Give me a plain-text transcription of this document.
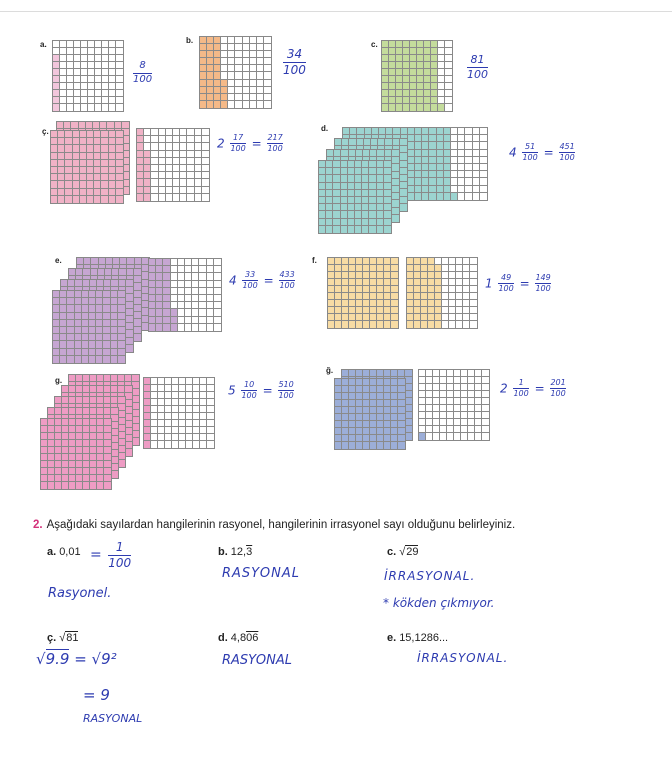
a.	b.	c.
ç.	d.
e.	f.
g.
ğ.
8
100
34
100
81
100
$2 \frac{17}{100} = \frac{217}{100}$	$4 \frac{51}{100} = \frac{451}{100}$
$4 \frac{33}{100} = \frac{433}{100}$	$1 \frac{49}{100} = \frac{149}{100}$
$5 \frac{10}{100} = \frac{510}{100}$	$2 \frac{1}{100} = \frac{201}{100}$
2. Aşağıdaki sayılardan hangilerinin rasyonel, hangilerinin irrasyonel sayı olduğunu belirleyiniz.
a. $0,01 = \frac{1}{100}$
Rasyonel.
b. 12,3
RASYONAL
c. √29
İRRASYONAL.
* kökden çıkmıyor.
ç. √81
√9.9 = √9²
= 9
RASYONAL
d. 4,806
RASYONAL
e. 15,1286...
İRRASYONAL.
